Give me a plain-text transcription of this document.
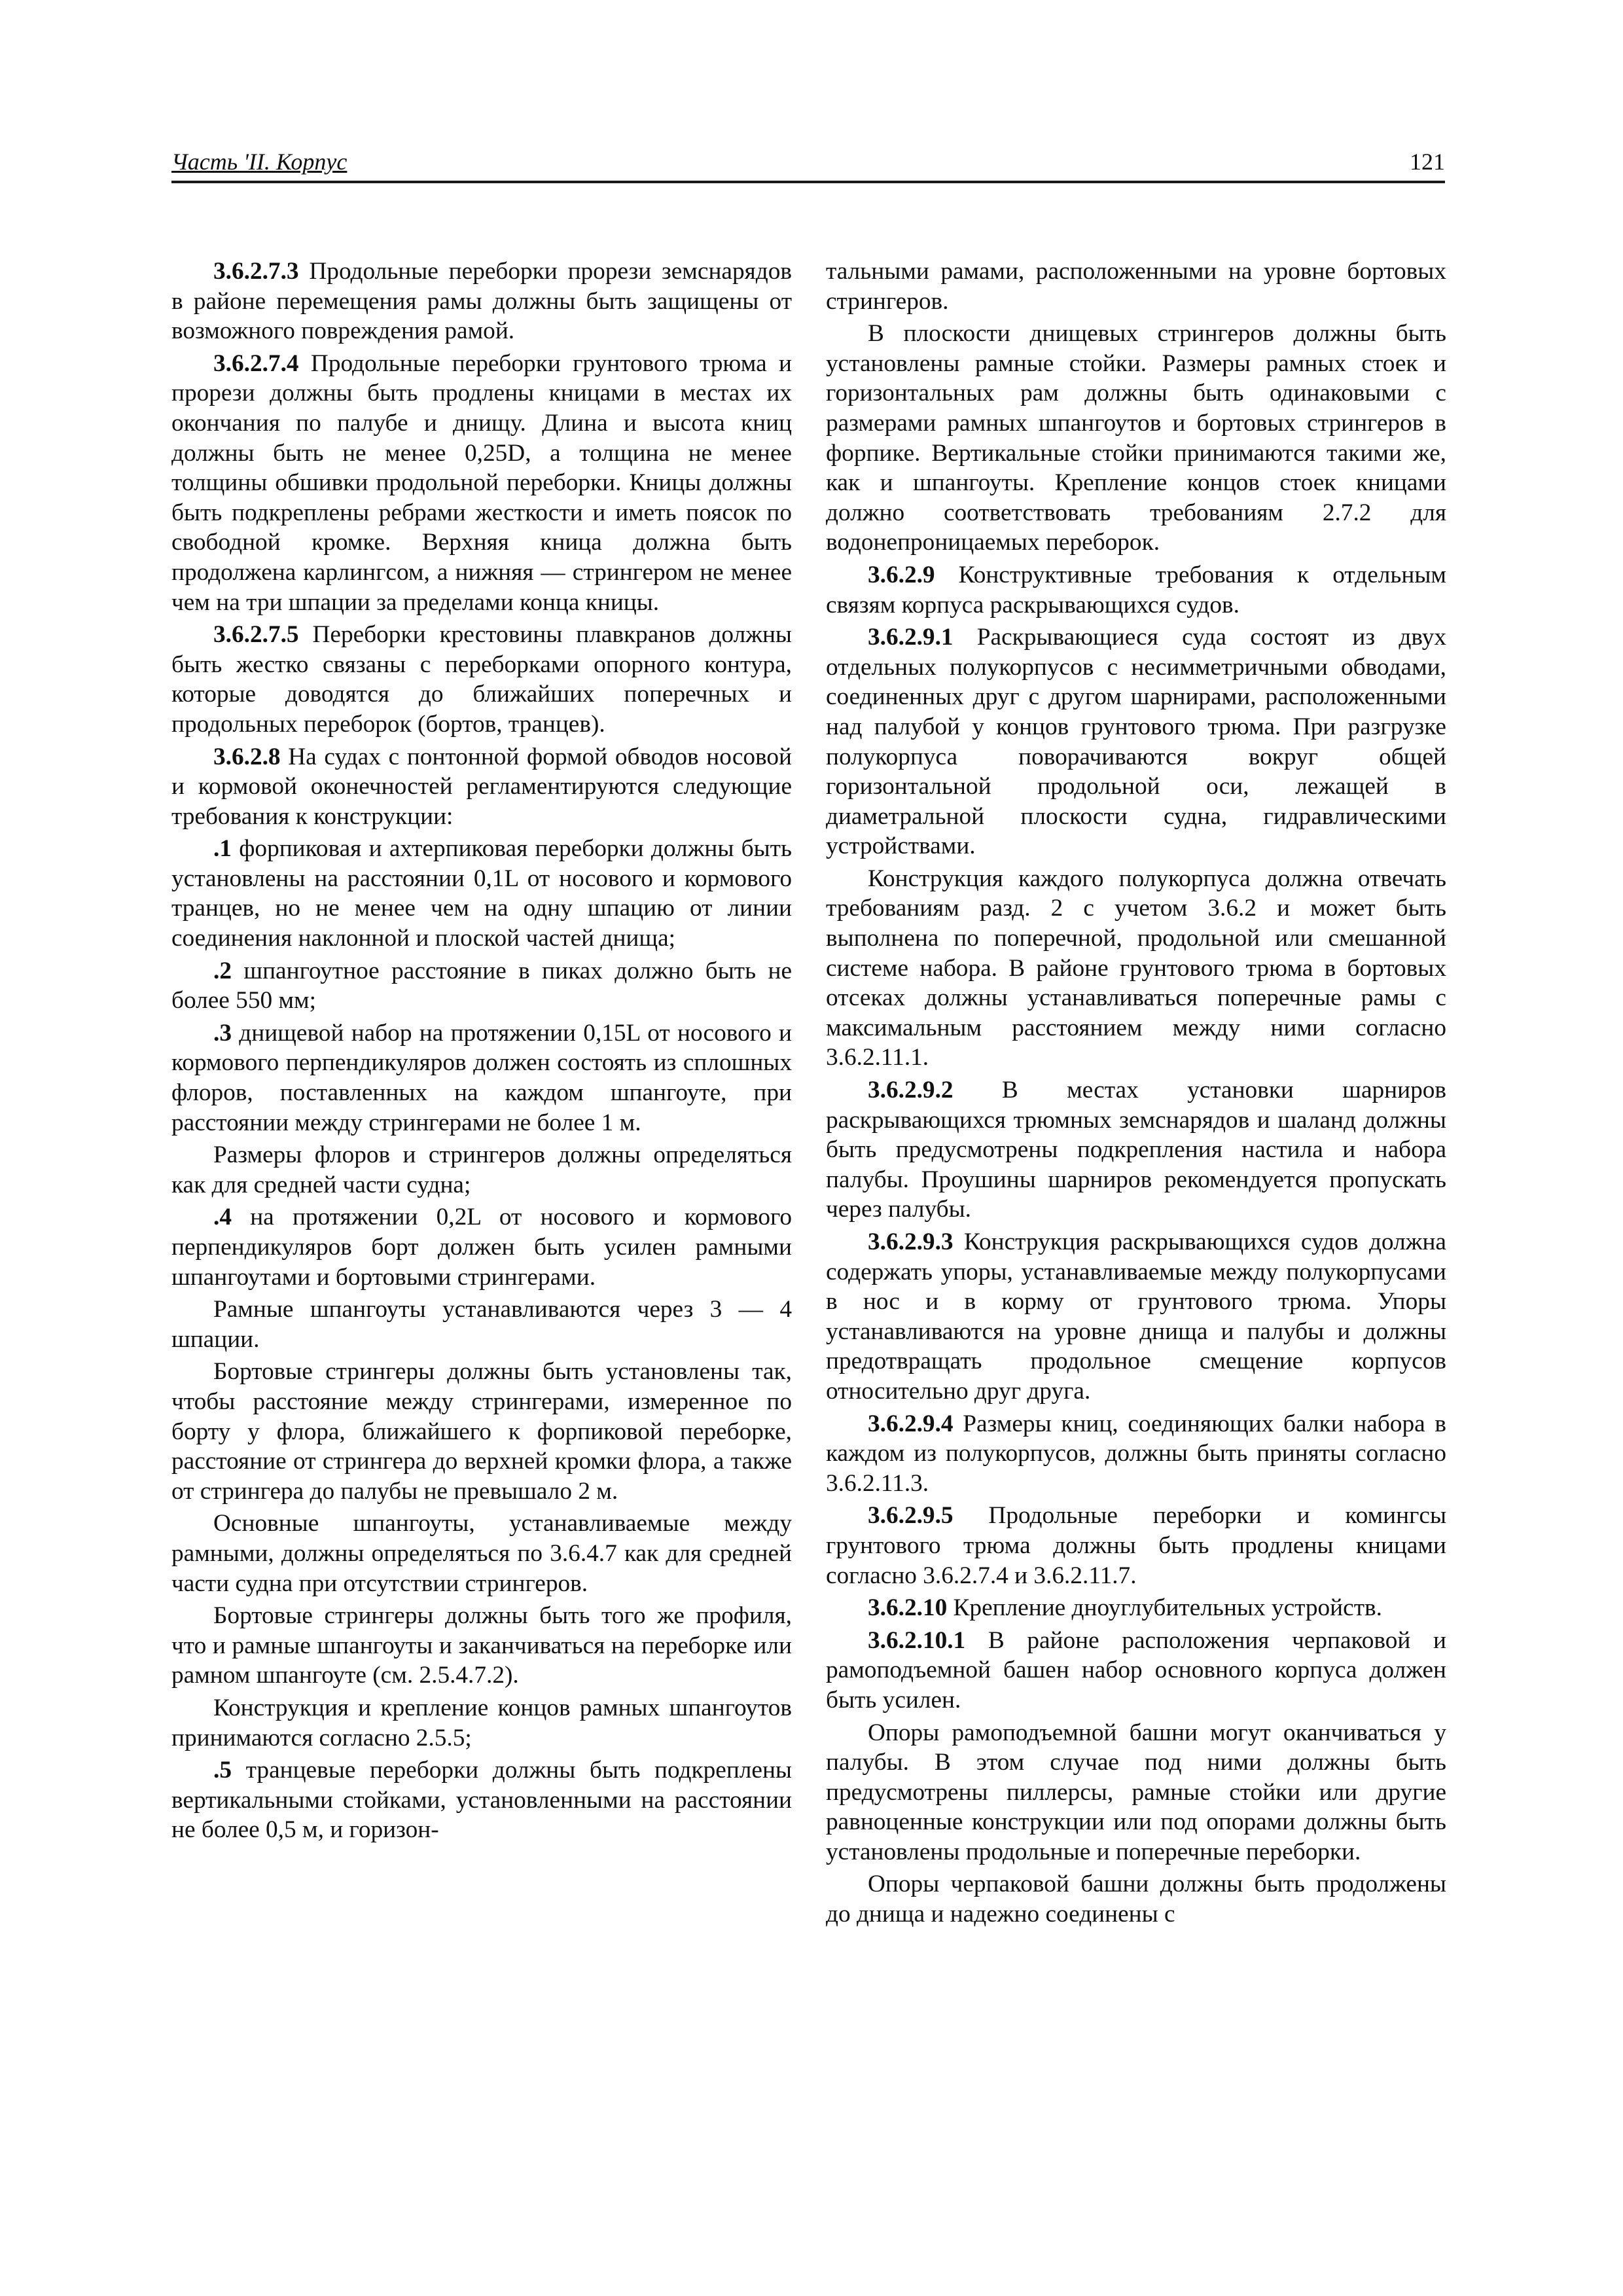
Часть 'II. Корпус	121

3.6.2.7.3 Продольные переборки прорези земснарядов в районе перемещения рамы должны быть защищены от возможного повреждения рамой.

3.6.2.7.4 Продольные переборки грунтового трюма и прорези должны быть продлены кницами в местах их окончания по палубе и днищу. Длина и высота книц должны быть не менее 0,25D, а толщина не менее толщины обшивки продольной переборки. Кницы должны быть подкреплены ребрами жесткости и иметь поясок по свободной кромке. Верхняя кница должна быть продолжена карлингсом, а нижняя — стрингером не менее чем на три шпации за пределами конца кницы.

3.6.2.7.5 Переборки крестовины плавкранов должны быть жестко связаны с переборками опорного контура, которые доводятся до ближайших поперечных и продольных переборок (бортов, транцев).

3.6.2.8 На судах с понтонной формой обводов носовой и кормовой оконечностей регламентируются следующие требования к конструкции:

.1 форпиковая и ахтерпиковая переборки должны быть установлены на расстоянии 0,1L от носового и кормового транцев, но не менее чем на одну шпацию от линии соединения наклонной и плоской частей днища;

.2 шпангоутное расстояние в пиках должно быть не более 550 мм;

.3 днищевой набор на протяжении 0,15L от носового и кормового перпендикуляров должен состоять из сплошных флоров, поставленных на каждом шпангоуте, при расстоянии между стрингерами не более 1 м.

Размеры флоров и стрингеров должны определяться как для средней части судна;

.4 на протяжении 0,2L от носового и кормового перпендикуляров борт должен быть усилен рамными шпангоутами и бортовыми стрингерами.

Рамные шпангоуты устанавливаются через 3 — 4 шпации.

Бортовые стрингеры должны быть установлены так, чтобы расстояние между стрингерами, измеренное по борту у флора, ближайшего к форпиковой переборке, расстояние от стрингера до верхней кромки флора, а также от стрингера до палубы не превышало 2 м.

Основные шпангоуты, устанавливаемые между рамными, должны определяться по 3.6.4.7 как для средней части судна при отсутствии стрингеров.

Бортовые стрингеры должны быть того же профиля, что и рамные шпангоуты и заканчиваться на переборке или рамном шпангоуте (см. 2.5.4.7.2).

Конструкция и крепление концов рамных шпангоутов принимаются согласно 2.5.5;

.5 транцевые переборки должны быть подкреплены вертикальными стойками, установленными на расстоянии не более 0,5 м, и горизон-

тальными рамами, расположенными на уровне бортовых стрингеров.

В плоскости днищевых стрингеров должны быть установлены рамные стойки. Размеры рамных стоек и горизонтальных рам должны быть одинаковыми с размерами рамных шпангоутов и бортовых стрингеров в форпике. Вертикальные стойки принимаются такими же, как и шпангоуты. Крепление концов стоек кницами должно соответствовать требованиям 2.7.2 для водонепроницаемых переборок.

3.6.2.9 Конструктивные требования к отдельным связям корпуса раскрывающихся судов.

3.6.2.9.1 Раскрывающиеся суда состоят из двух отдельных полукорпусов с несимметричными обводами, соединенных друг с другом шарнирами, расположенными над палубой у концов грунтового трюма. При разгрузке полукорпуса поворачиваются вокруг общей горизонтальной продольной оси, лежащей в диаметральной плоскости судна, гидравлическими устройствами.

Конструкция каждого полукорпуса должна отвечать требованиям разд. 2 с учетом 3.6.2 и может быть выполнена по поперечной, продольной или смешанной системе набора. В районе грунтового трюма в бортовых отсеках должны устанавливаться поперечные рамы с максимальным расстоянием между ними согласно 3.6.2.11.1.

3.6.2.9.2 В местах установки шарниров раскрывающихся трюмных земснарядов и шаланд должны быть предусмотрены подкрепления настила и набора палубы. Проушины шарниров рекомендуется пропускать через палубы.

3.6.2.9.3 Конструкция раскрывающихся судов должна содержать упоры, устанавливаемые между полукорпусами в нос и в корму от грунтового трюма. Упоры устанавливаются на уровне днища и палубы и должны предотвращать продольное смещение корпусов относительно друг друга.

3.6.2.9.4 Размеры книц, соединяющих балки набора в каждом из полукорпусов, должны быть приняты согласно 3.6.2.11.3.

3.6.2.9.5 Продольные переборки и комингсы грунтового трюма должны быть продлены кницами согласно 3.6.2.7.4 и 3.6.2.11.7.

3.6.2.10 Крепление дноуглубительных устройств.

3.6.2.10.1 В районе расположения черпаковой и рамоподъемной башен набор основного корпуса должен быть усилен.

Опоры рамоподъемной башни могут оканчиваться у палубы. В этом случае под ними должны быть предусмотрены пиллерсы, рамные стойки или другие равноценные конструкции или под опорами должны быть установлены продольные и поперечные переборки.

Опоры черпаковой башни должны быть продолжены до днища и надежно соединены с
